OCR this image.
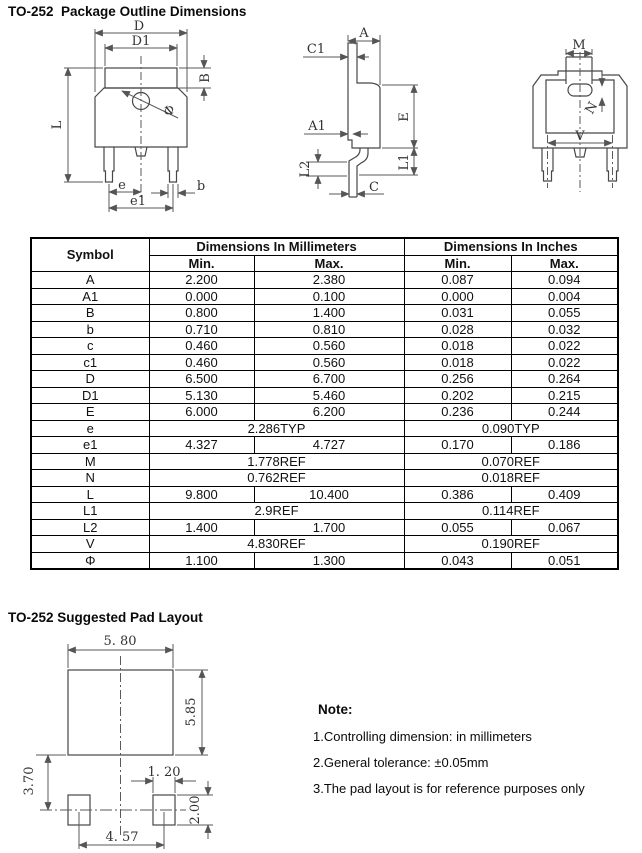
TO-252  Package Outline Dimensions
D
D1
B
L
Φ
e	b
e1
A
C1
A1
E
L1
L2
C
M
N
V
Symbol	Dimensions In Millimeters		Dimensions In Inches	
	Min.	Max.	Min.	Max.
A	2.200	2.380	0.087	0.094
A1	0.000	0.100	0.000	0.004
B	0.800	1.400	0.031	0.055
b	0.710	0.810	0.028	0.032
c	0.460	0.560	0.018	0.022
c1	0.460	0.560	0.018	0.022
D	6.500	6.700	0.256	0.264
D1	5.130	5.460	0.202	0.215
E	6.000	6.200	0.236	0.244
e	2.286TYP		0.090TYP	
e1	4.327	4.727	0.170	0.186
M	1.778REF		0.070REF	
N	0.762REF		0.018REF	
L	9.800	10.400	0.386	0.409
L1	2.9REF		0.114REF	
L2	1.400	1.700	0.055	0.067
V	4.830REF		0.190REF	
Φ	1.100	1.300	0.043	0.051
TO-252 Suggested Pad Layout
5. 80
5.85
3.70	1. 20
2.00
4. 57
Note:
1.Controlling dimension: in millimeters
2.General tolerance: ±0.05mm
3.The pad layout is for reference purposes only
